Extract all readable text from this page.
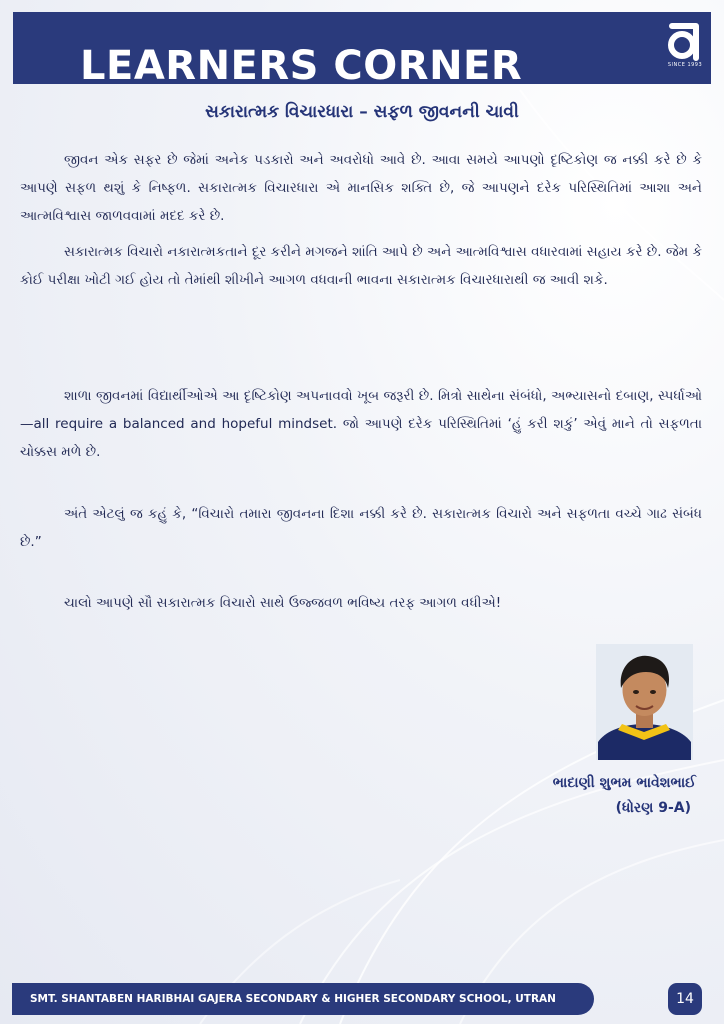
LEARNERS CORNER	SINCE 1993
સકારાત્મક વિચારધારા – સફળ જીવનની ચાવી

જીવન એક સફર છે જેમાં અનેક પડકારો અને અવરોધો આવે છે. આવા સમયે આપણો દૃષ્ટિકોણ જ નક્કી કરે છે કે આપણે સફળ થશું કે નિષ્ફળ. સકારાત્મક વિચારધારા એ માનસિક શક્તિ છે, જે આપણને દરેક પરિસ્થિતિમાં આશા અને આત્મવિશ્વાસ જાળવવામાં મદદ કરે છે.

સકારાત્મક વિચારો નકારાત્મકતાને દૂર કરીને મગજને શાંતિ આપે છે અને આત્મવિશ્વાસ વધારવામાં સહાય કરે છે. જેમ કે કોઈ પરીક્ષા ખોટી ગઈ હોય તો તેમાંથી શીખીને આગળ વધવાની ભાવના સકારાત્મક વિચારધારાથી જ આવી શકે.

શાળા જીવનમાં વિદ્યાર્થીઓએ આ દૃષ્ટિકોણ અપનાવવો ખૂબ જરૂરી છે. મિત્રો સાથેના સંબંધો, અભ્યાસનો દબાણ, સ્પર્ધાઓ—all require a balanced and hopeful mindset. જો આપણે દરેક પરિસ્થિતિમાં ‘હું કરી શકું’ એવું માને તો સફળતા ચોક્કસ મળે છે.

અંતે એટલું જ કહું કે, “વિચારો તમારા જીવનના દિશા નક્કી કરે છે. સકારાત્મક વિચારો અને સફળતા વચ્ચે ગાઢ સંબંધ છે.”

ચાલો આપણે સૌ સકારાત્મક વિચારો સાથે ઉજ્જવળ ભવિષ્ય તરફ આગળ વધીએ!

ભાદાણી શુભમ ભાવેશભાઈ

(ધોરણ 9-A)

SMT. SHANTABEN HARIBHAI GAJERA SECONDARY & HIGHER SECONDARY SCHOOL, UTRAN	14
